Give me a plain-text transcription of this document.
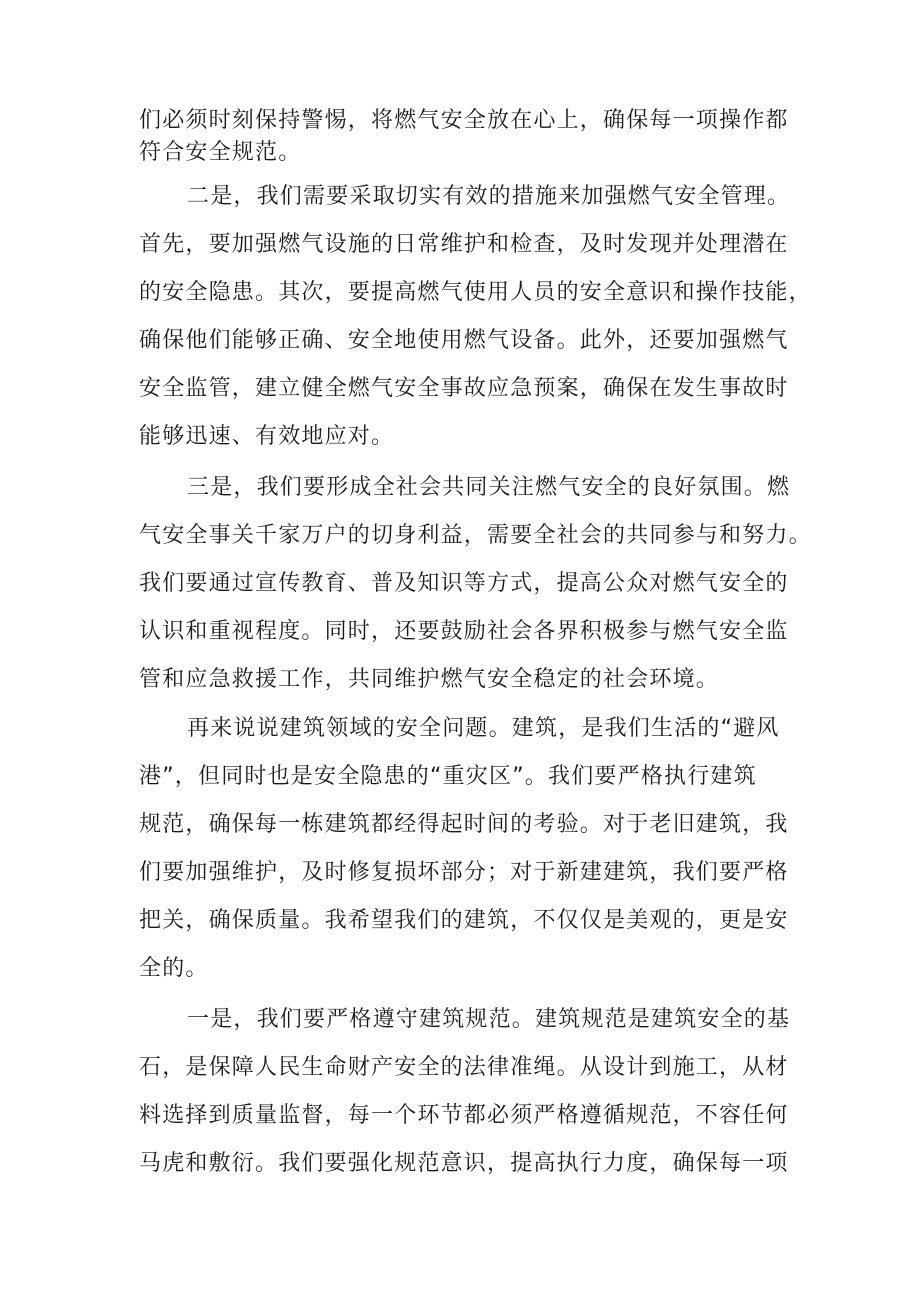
们必须时刻保持警惕，将燃气安全放在心上，确保每一项操作都
符合安全规范。
二是，我们需要采取切实有效的措施来加强燃气安全管理。
首先，要加强燃气设施的日常维护和检查，及时发现并处理潜在
的安全隐患。其次，要提高燃气使用人员的安全意识和操作技能，
确保他们能够正确、安全地使用燃气设备。此外，还要加强燃气
安全监管，建立健全燃气安全事故应急预案，确保在发生事故时
能够迅速、有效地应对。
三是，我们要形成全社会共同关注燃气安全的良好氛围。燃
气安全事关千家万户的切身利益，需要全社会的共同参与和努力。
我们要通过宣传教育、普及知识等方式，提高公众对燃气安全的
认识和重视程度。同时，还要鼓励社会各界积极参与燃气安全监
管和应急救援工作，共同维护燃气安全稳定的社会环境。
再来说说建筑领域的安全问题。建筑，是我们生活的“避风
港”，但同时也是安全隐患的“重灾区”。我们要严格执行建筑
规范，确保每一栋建筑都经得起时间的考验。对于老旧建筑，我
们要加强维护，及时修复损坏部分；对于新建建筑，我们要严格
把关，确保质量。我希望我们的建筑，不仅仅是美观的，更是安
全的。
一是，我们要严格遵守建筑规范。建筑规范是建筑安全的基
石，是保障人民生命财产安全的法律准绳。从设计到施工，从材
料选择到质量监督，每一个环节都必须严格遵循规范，不容任何
马虎和敷衍。我们要强化规范意识，提高执行力度，确保每一项
